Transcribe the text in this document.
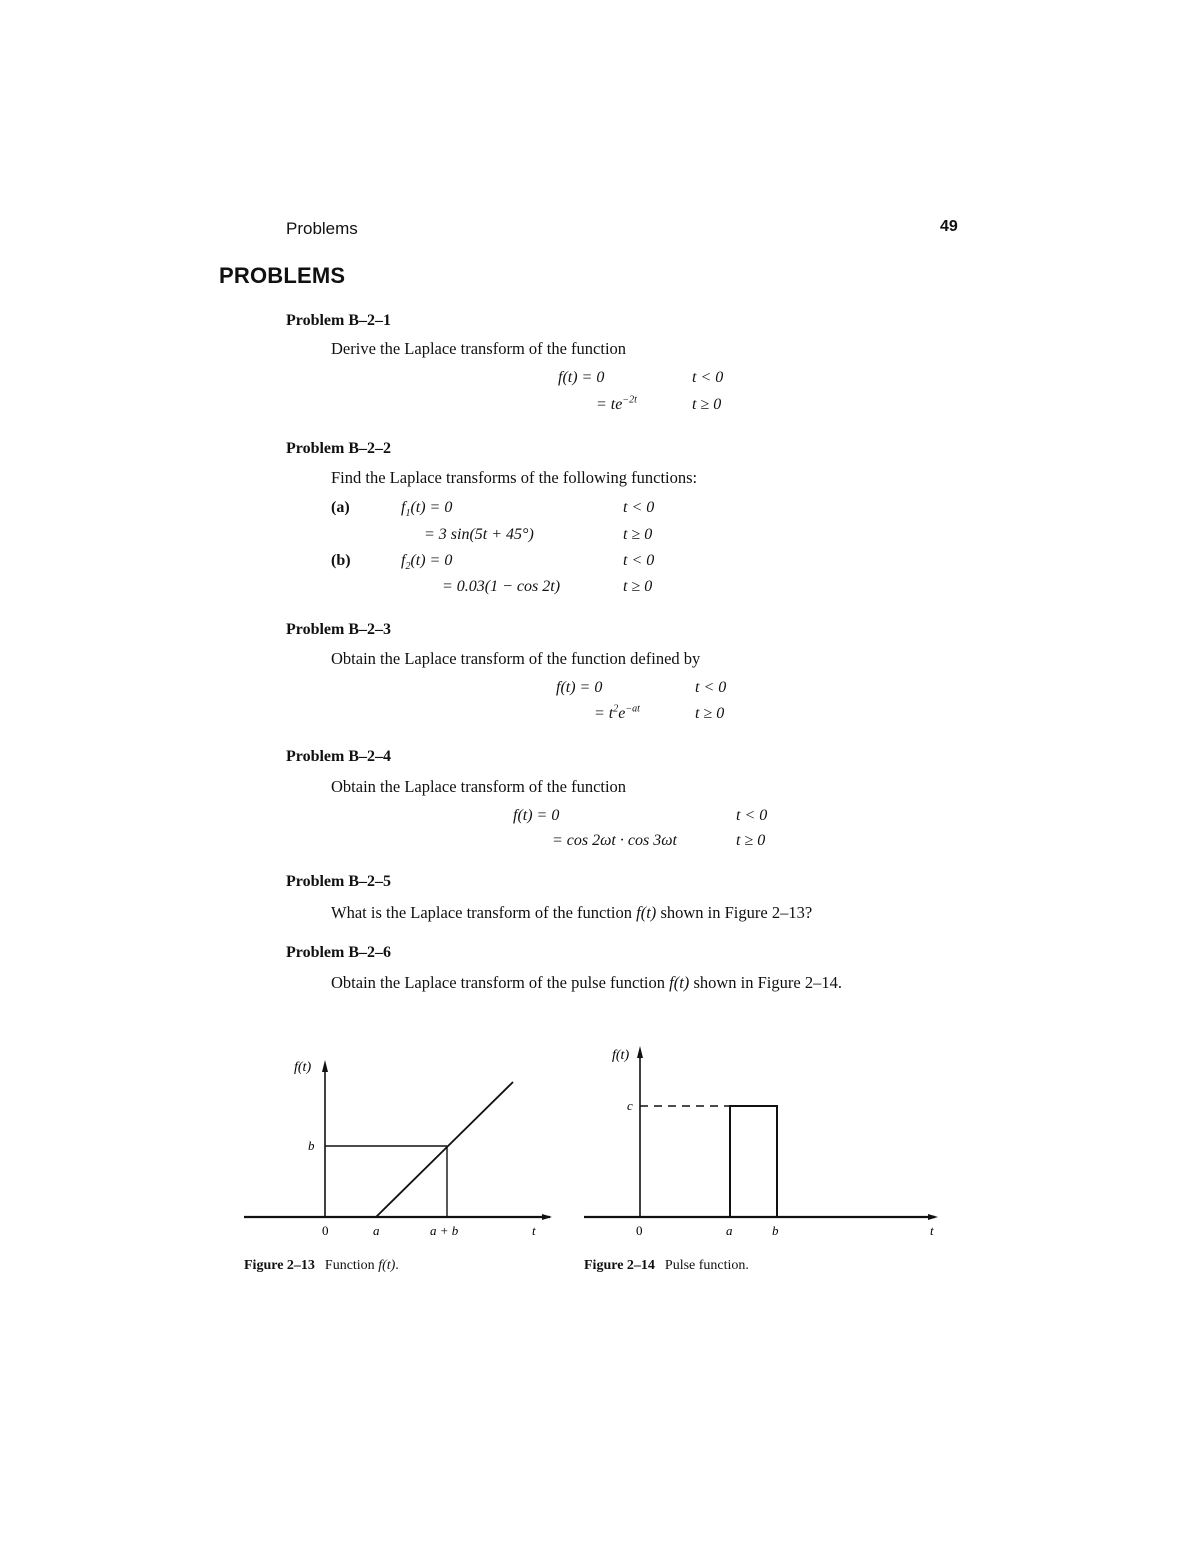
Problems	49
PROBLEMS
Problem B–2–1
Derive the Laplace transform of the function
f(t) = 0	t < 0
= $te^{-2t}$	t ≥ 0
Problem B–2–2
Find the Laplace transforms of the following functions:
(a)	$f_1(t) = 0$	t < 0
= 3 sin(5t + 45°)	t ≥ 0
(b)	$f_2(t) = 0$	t < 0
= 0.03(1 − cos 2t)	t ≥ 0
Problem B–2–3
Obtain the Laplace transform of the function defined by
f(t) = 0	t < 0
= $t^2e^{-at}$	t ≥ 0
Problem B–2–4
Obtain the Laplace transform of the function
f(t) = 0	t < 0
= cos 2ωt · cos 3ωt	t ≥ 0
Problem B–2–5
What is the Laplace transform of the function f(t) shown in Figure 2–13?
Problem B–2–6
Obtain the Laplace transform of the pulse function f(t) shown in Figure 2–14.
f(t)
b
0	a	a + b	t
f(t)
c
0	a	b	t
Figure 2–13 Function f(t).	Figure 2–14 Pulse function.
